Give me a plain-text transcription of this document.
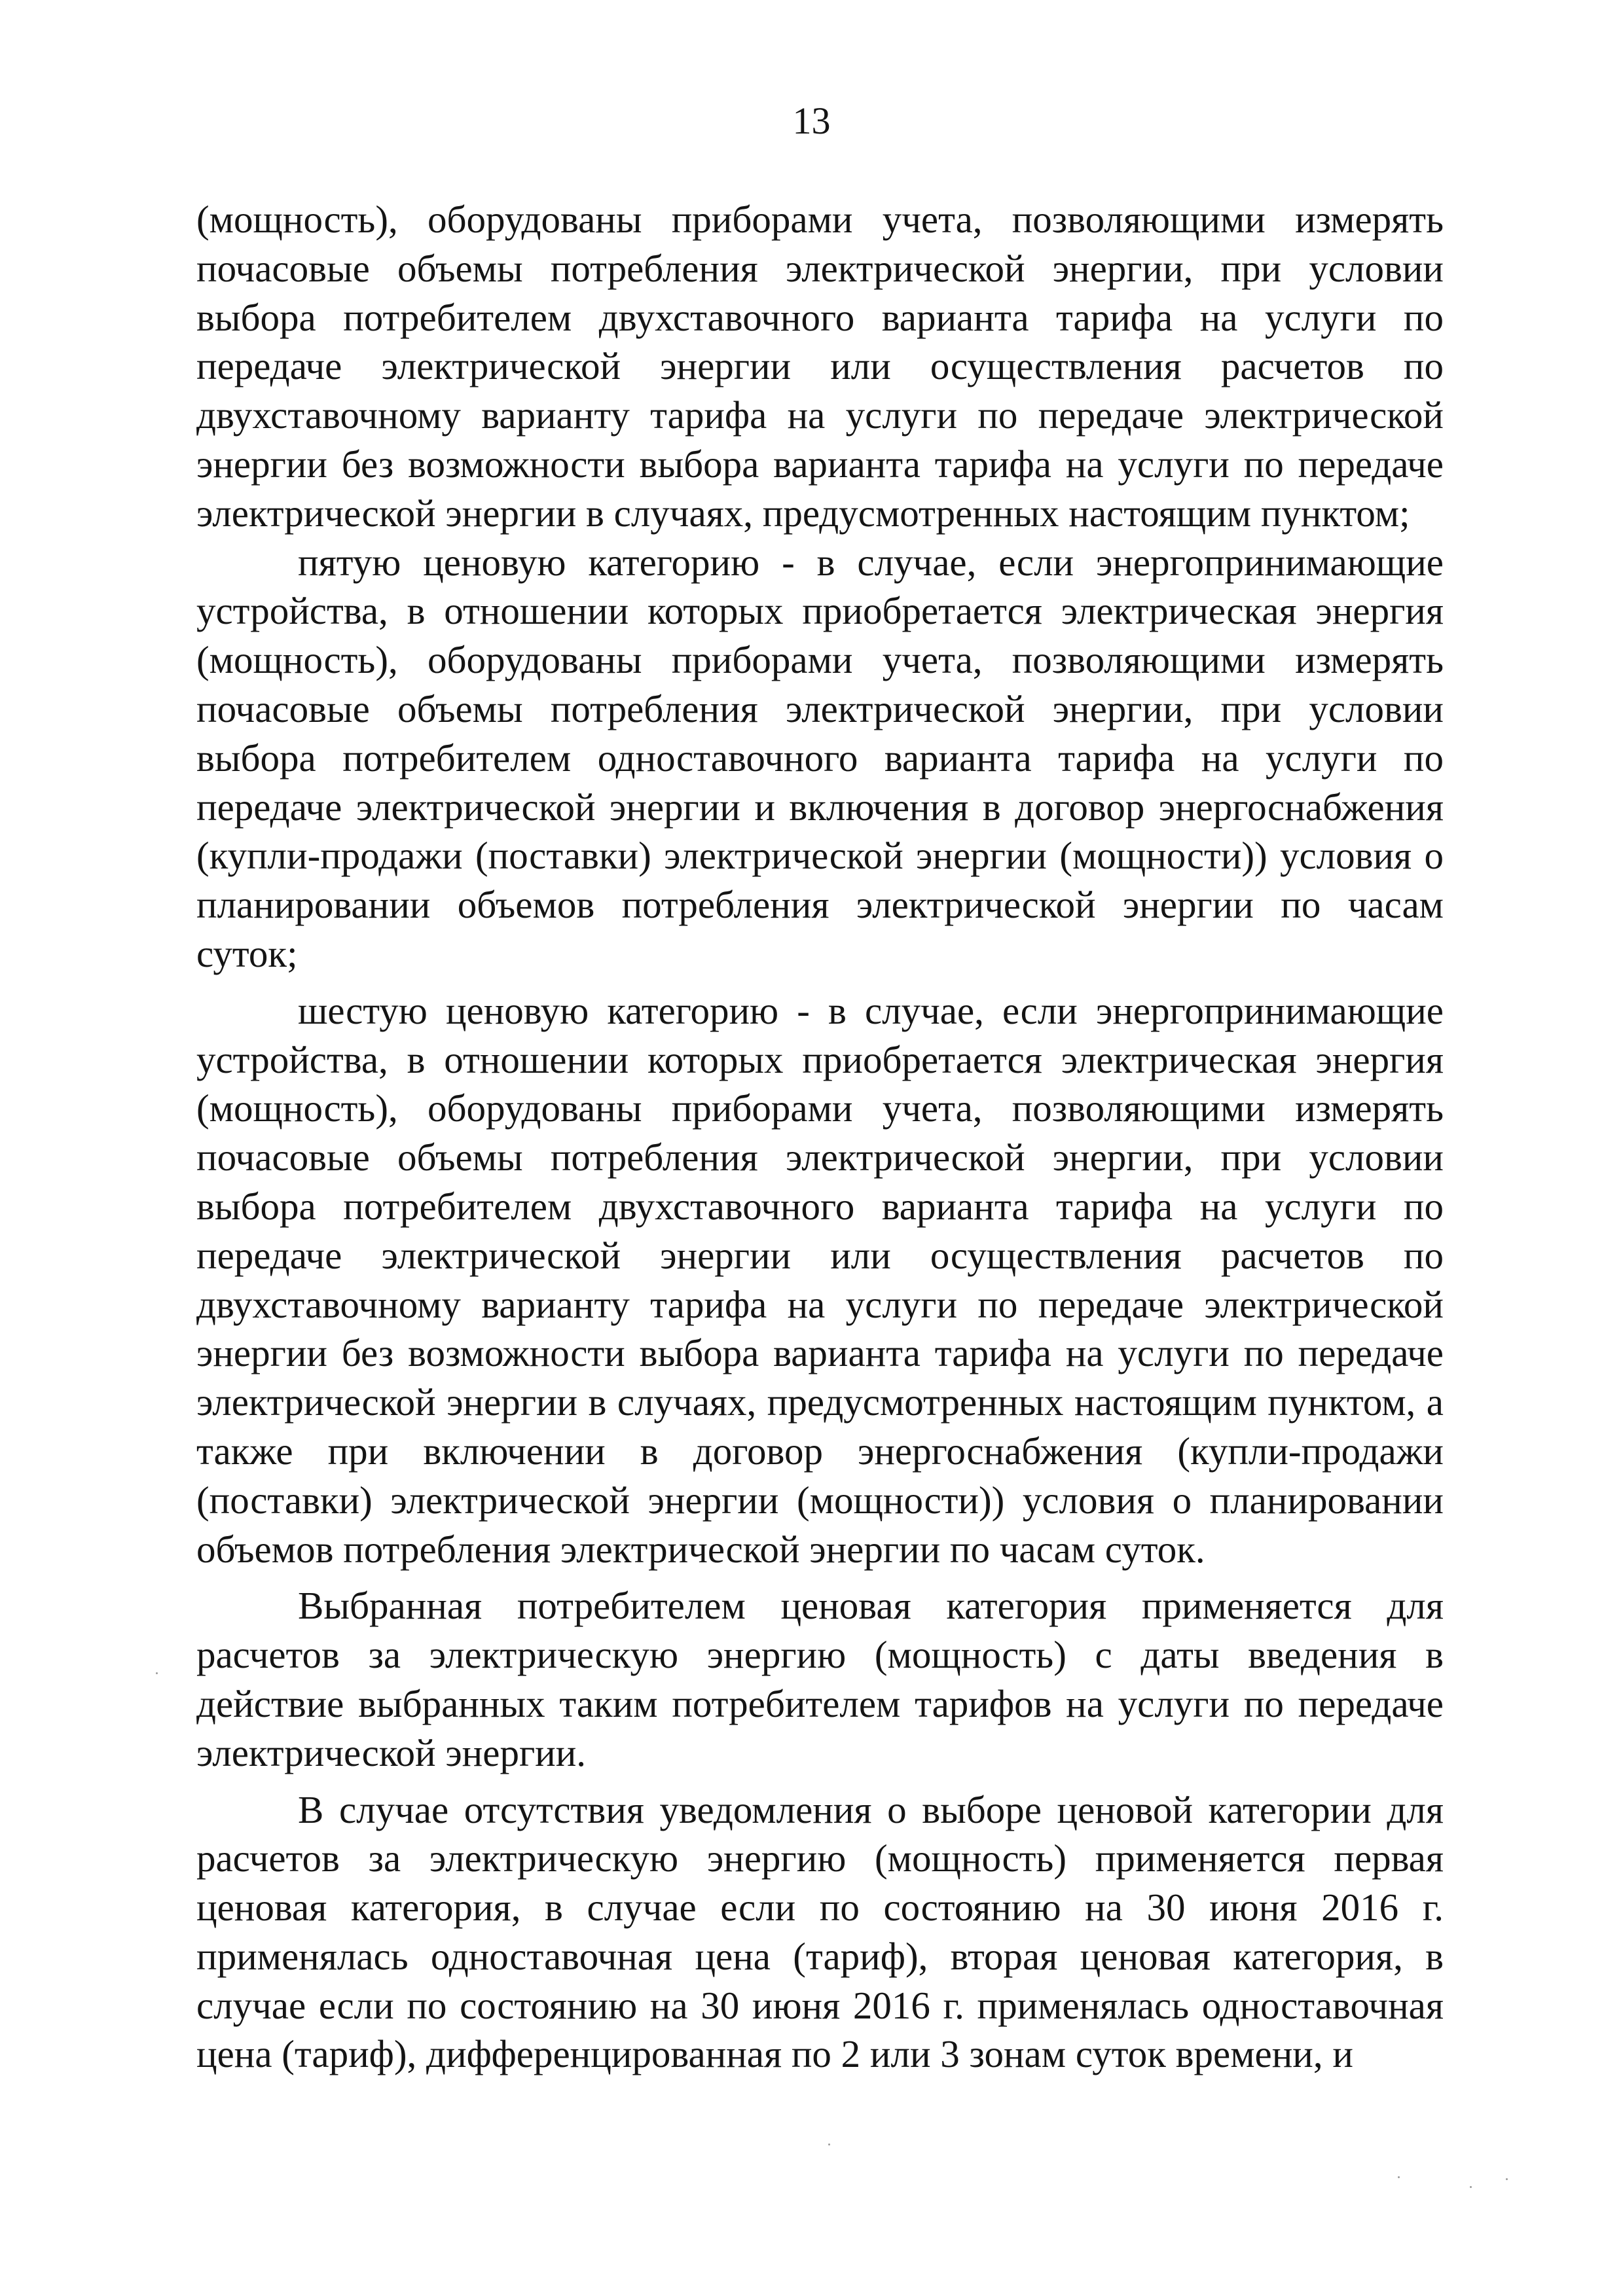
13

(мощность), оборудованы приборами учета, позволяющими измерять почасовые объемы потребления электрической энергии, при условии выбора потребителем двухставочного варианта тарифа на услуги по передаче электрической энергии или осуществления расчетов по двухставочному варианту тарифа на услуги по передаче электрической энергии без возможности выбора варианта тарифа на услуги по передаче электрической энергии в случаях, предусмотренных настоящим пунктом;

пятую ценовую категорию - в случае, если энергопринимающие устройства, в отношении которых приобретается электрическая энергия (мощность), оборудованы приборами учета, позволяющими измерять почасовые объемы потребления электрической энергии, при условии выбора потребителем одноставочного варианта тарифа на услуги по передаче электрической энергии и включения в договор энергоснабжения (купли-продажи (поставки) электрической энергии (мощности)) условия о планировании объемов потребления электрической энергии по часам суток;

шестую ценовую категорию - в случае, если энергопринимающие устройства, в отношении которых приобретается электрическая энергия (мощность), оборудованы приборами учета, позволяющими измерять почасовые объемы потребления электрической энергии, при условии выбора потребителем двухставочного варианта тарифа на услуги по передаче электрической энергии или осуществления расчетов по двухставочному варианту тарифа на услуги по передаче электрической энергии без возможности выбора варианта тарифа на услуги по передаче электрической энергии в случаях, предусмотренных настоящим пунктом, а также при включении в договор энергоснабжения (купли-продажи (поставки) электрической энергии (мощности)) условия о планировании объемов потребления электрической энергии по часам суток.

Выбранная потребителем ценовая категория применяется для расчетов за электрическую энергию (мощность) с даты введения в действие выбранных таким потребителем тарифов на услуги по передаче электрической энергии.

В случае отсутствия уведомления о выборе ценовой категории для расчетов за электрическую энергию (мощность) применяется первая ценовая категория, в случае если по состоянию на 30 июня 2016 г. применялась одноставочная цена (тариф), вторая ценовая категория, в случае если по состоянию на 30 июня 2016 г. применялась одноставочная цена (тариф), дифференцированная по 2 или 3 зонам суток времени, и
